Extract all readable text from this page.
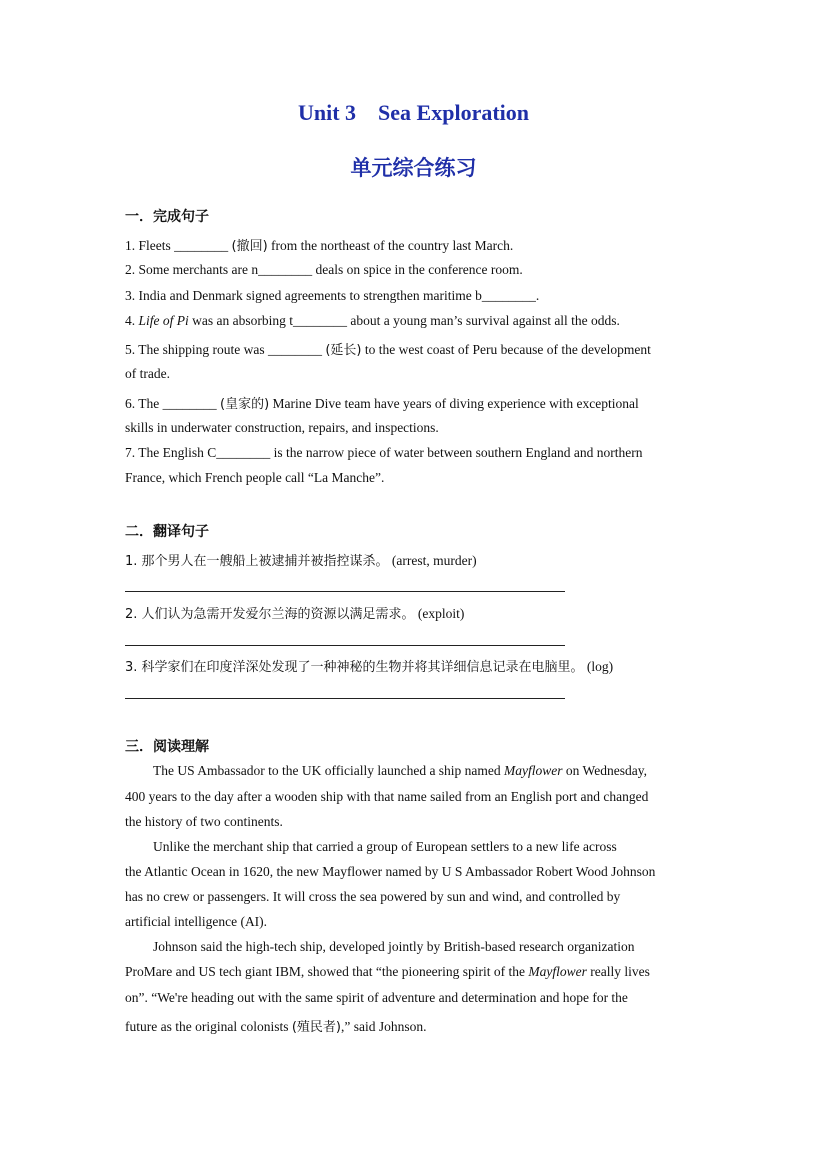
Unit 3 Sea Exploration
单元综合练习
一．完成句子
1. Fleets ________ (撤回) from the northeast of the country last March.
2. Some merchants are n________ deals on spice in the conference room.
3. India and Denmark signed agreements to strengthen maritime b________.
4. Life of Pi was an absorbing t________ about a young man’s survival against all the odds.
5. The shipping route was ________ (延长) to the west coast of Peru because of the development
of trade.
6. The ________ (皇家的) Marine Dive team have years of diving experience with exceptional
skills in underwater construction, repairs, and inspections.
7. The English C________ is the narrow piece of water between southern England and northern
France, which French people call “La Manche”.
二．翻译句子
1. 那个男人在一艘船上被逮捕并被指控谋杀。 (arrest, murder)
2. 人们认为急需开发爱尔兰海的资源以满足需求。 (exploit)
3. 科学家们在印度洋深处发现了一种神秘的生物并将其详细信息记录在电脑里。 (log)
三．阅读理解
The US Ambassador to the UK officially launched a ship named Mayflower on Wednesday,
400 years to the day after a wooden ship with that name sailed from an English port and changed
the history of two continents.
Unlike the merchant ship that carried a group of European settlers to a new life across
the Atlantic Ocean in 1620, the new Mayflower named by U S Ambassador Robert Wood Johnson
has no crew or passengers. It will cross the sea powered by sun and wind, and controlled by
artificial intelligence (AI).
Johnson said the high-tech ship, developed jointly by British-based research organization
ProMare and US tech giant IBM, showed that “the pioneering spirit of the Mayflower really lives
on”. “We're heading out with the same spirit of adventure and determination and hope for the
future as the original colonists (殖民者),” said Johnson.
